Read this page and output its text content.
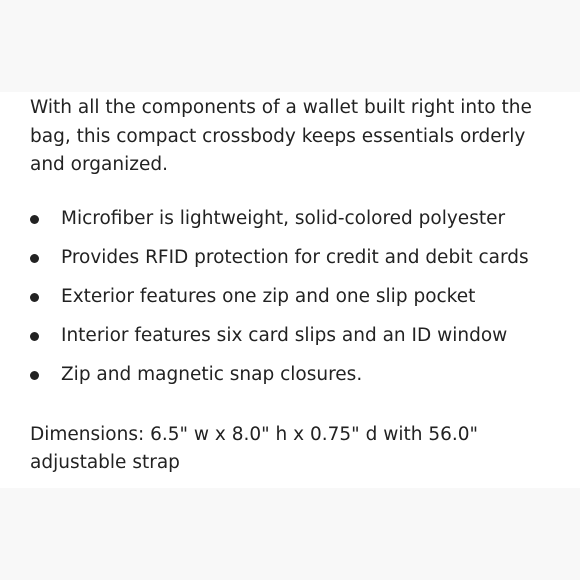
With all the components of a wallet built right into the bag, this compact crossbody keeps essentials orderly and organized.

Microfiber is lightweight, solid-colored polyester
Provides RFID protection for credit and debit cards
Exterior features one zip and one slip pocket
Interior features six card slips and an ID window
Zip and magnetic snap closures.

Dimensions: 6.5" w x 8.0" h x 0.75" d with 56.0" adjustable strap
